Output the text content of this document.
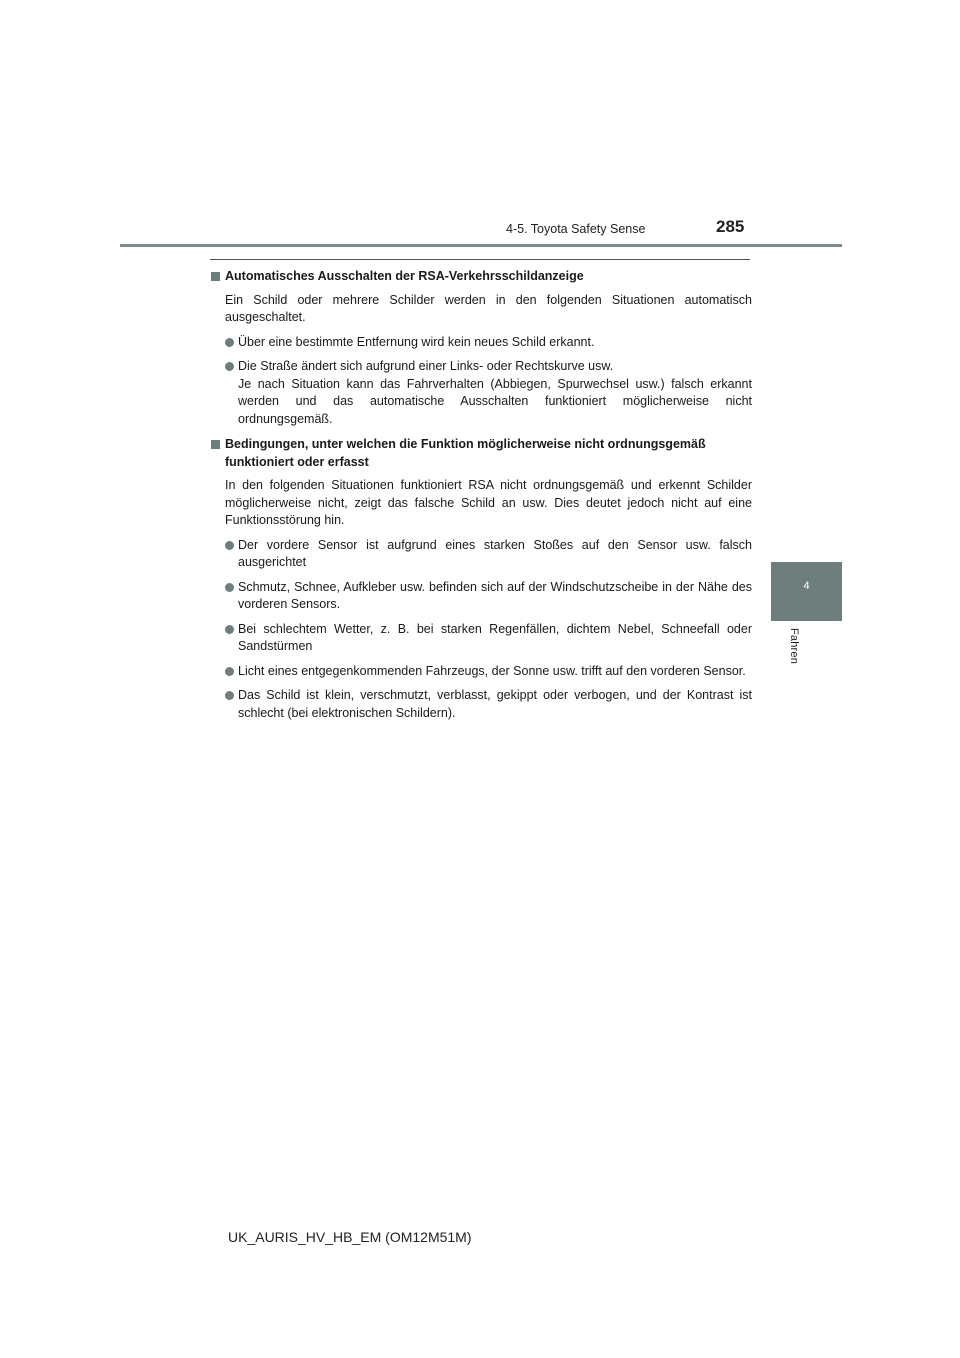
4-5. Toyota Safety Sense	285
4
Fahren

Automatisches Ausschalten der RSA-Verkehrsschildanzeige

Ein Schild oder mehrere Schilder werden in den folgenden Situationen automatisch ausgeschaltet.

Über eine bestimmte Entfernung wird kein neues Schild erkannt.
Die Straße ändert sich aufgrund einer Links- oder Rechtskurve usw.
Je nach Situation kann das Fahrverhalten (Abbiegen, Spurwechsel usw.) falsch erkannt werden und das automatische Ausschalten funktioniert möglicherweise nicht ordnungsgemäß.

Bedingungen, unter welchen die Funktion möglicherweise nicht ordnungsgemäß funktioniert oder erfasst

In den folgenden Situationen funktioniert RSA nicht ordnungsgemäß und erkennt Schilder möglicherweise nicht, zeigt das falsche Schild an usw. Dies deutet jedoch nicht auf eine Funktionsstörung hin.

Der vordere Sensor ist aufgrund eines starken Stoßes auf den Sensor usw. falsch ausgerichtet
Schmutz, Schnee, Aufkleber usw. befinden sich auf der Windschutzscheibe in der Nähe des vorderen Sensors.
Bei schlechtem Wetter, z. B. bei starken Regenfällen, dichtem Nebel, Schneefall oder Sandstürmen
Licht eines entgegenkommenden Fahrzeugs, der Sonne usw. trifft auf den vorderen Sensor.
Das Schild ist klein, verschmutzt, verblasst, gekippt oder verbogen, und der Kontrast ist schlecht (bei elektronischen Schildern).
UK_AURIS_HV_HB_EM (OM12M51M)
